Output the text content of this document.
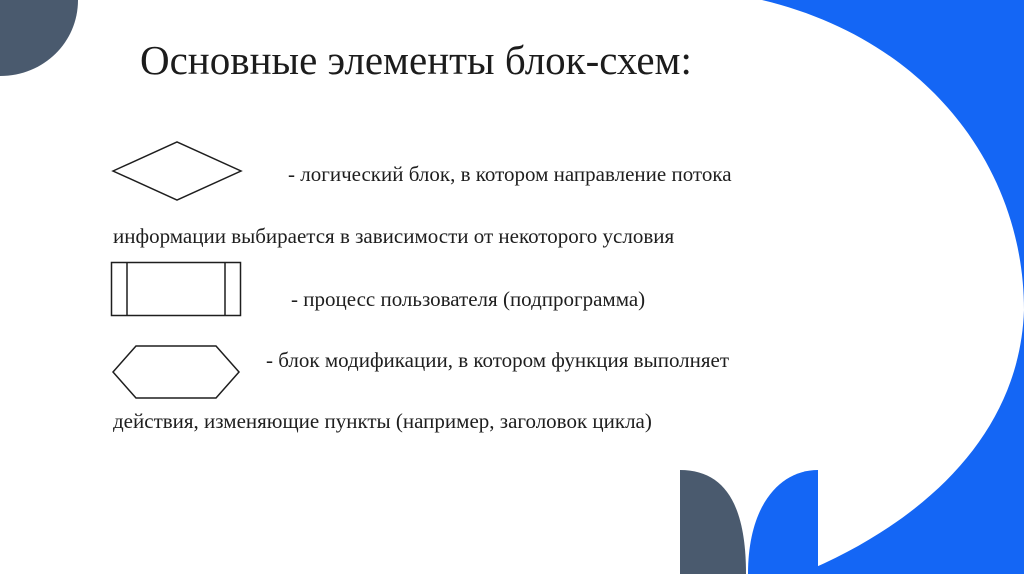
Основные элементы блок-схем:
- логический блок, в котором направление потока
информации выбирается в зависимости от некоторого условия
- процесс пользователя (подпрограмма)
- блок модификации, в котором функция выполняет
действия, изменяющие пункты (например, заголовок цикла)
